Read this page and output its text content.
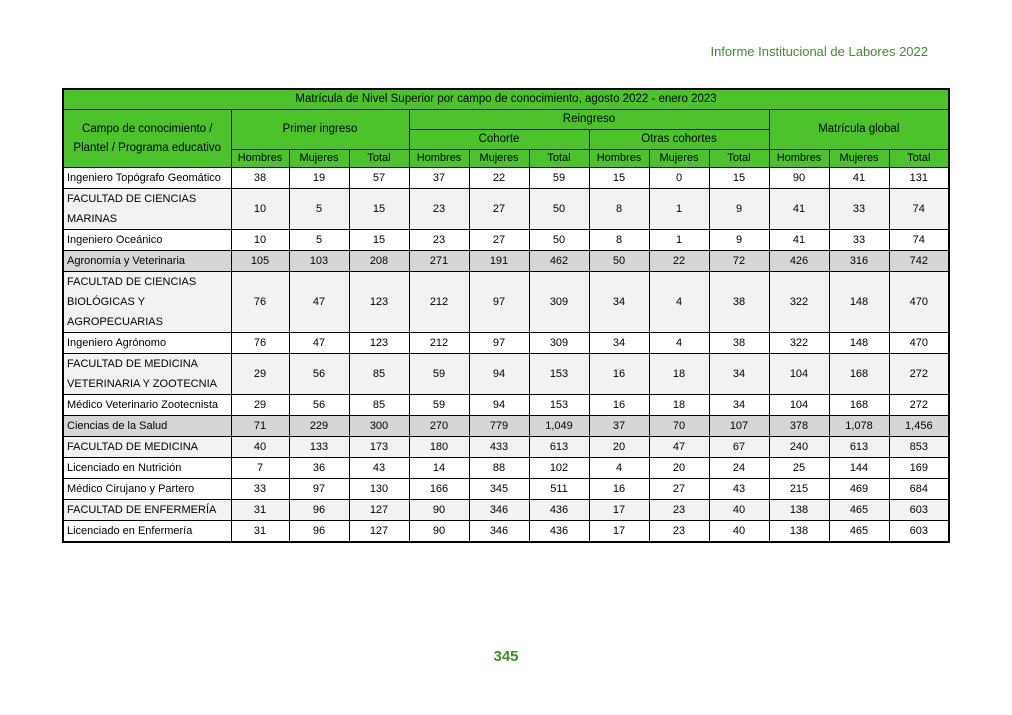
Informe Institucional de Labores 2022
Matrícula de Nivel Superior por campo de conocimiento, agosto 2022 - enero 2023												
Campo de conocimiento / Plantel / Programa educativo	Primer ingreso			Reingreso						Matrícula global		
				Cohorte			Otras cohortes					
	Hombres	Mujeres	Total	Hombres	Mujeres	Total	Hombres	Mujeres	Total	Hombres	Mujeres	Total
Ingeniero Topógrafo Geomático	38	19	57	37	22	59	15	0	15	90	41	131
FACULTAD DE CIENCIAS MARINAS	10	5	15	23	27	50	8	1	9	41	33	74
Ingeniero Oceánico	10	5	15	23	27	50	8	1	9	41	33	74
Agronomía y Veterinaria	105	103	208	271	191	462	50	22	72	426	316	742
FACULTAD DE CIENCIAS BIOLÓGICAS Y AGROPECUARIAS	76	47	123	212	97	309	34	4	38	322	148	470
Ingeniero Agrónomo	76	47	123	212	97	309	34	4	38	322	148	470
FACULTAD DE MEDICINA VETERINARIA Y ZOOTECNIA	29	56	85	59	94	153	16	18	34	104	168	272
Médico Veterinario Zootecnista	29	56	85	59	94	153	16	18	34	104	168	272
Ciencias de la Salud	71	229	300	270	779	1,049	37	70	107	378	1,078	1,456
FACULTAD DE MEDICINA	40	133	173	180	433	613	20	47	67	240	613	853
Licenciado en Nutrición	7	36	43	14	88	102	4	20	24	25	144	169
Médico Cirujano y Partero	33	97	130	166	345	511	16	27	43	215	469	684
FACULTAD DE ENFERMERÍA	31	96	127	90	346	436	17	23	40	138	465	603
Licenciado en Enfermería	31	96	127	90	346	436	17	23	40	138	465	603
345
